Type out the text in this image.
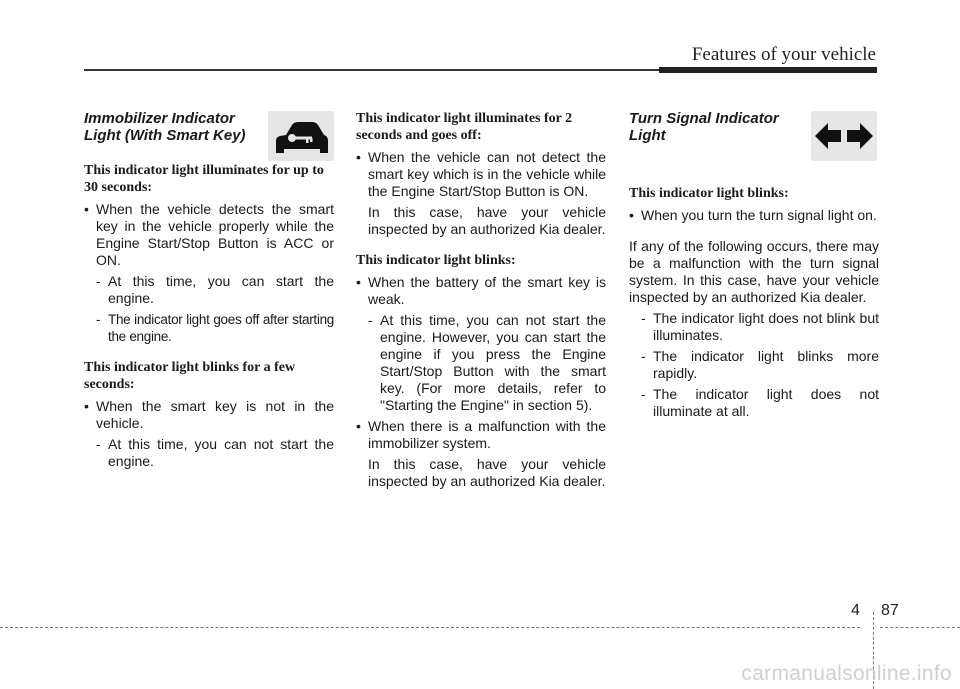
Features of your vehicle

Immobilizer Indicator Light (With Smart Key)

This indicator light illuminates for up to 30 seconds:

• When the vehicle detects the smart key in the vehicle properly while the Engine Start/Stop Button is ACC or ON.
- At this time, you can start the engine.
- The indicator light goes off after starting the engine.

This indicator light blinks for a few seconds:

• When the smart key is not in the vehicle.
- At this time, you can not start the engine.

This indicator light illuminates for 2 seconds and goes off:

• When the vehicle can not detect the smart key which is in the vehicle while the Engine Start/Stop Button is ON.
In this case, have your vehicle inspected by an authorized Kia dealer.

This indicator light blinks:

• When the battery of the smart key is weak.
- At this time, you can not start the engine. However, you can start the engine if you press the Engine Start/Stop Button with the smart key. (For more details, refer to "Starting the Engine" in section 5).
• When there is a malfunction with the immobilizer system.
In this case, have your vehicle inspected by an authorized Kia dealer.

Turn Signal Indicator Light

This indicator light blinks:

• When you turn the turn signal light on.
If any of the following occurs, there may be a malfunction with the turn signal system. In this case, have your vehicle inspected by an authorized Kia dealer.
- The indicator light does not blink but illuminates.
- The indicator light blinks more rapidly.
- The indicator light does not illuminate at all.
4 87
carmanualsonline.info
